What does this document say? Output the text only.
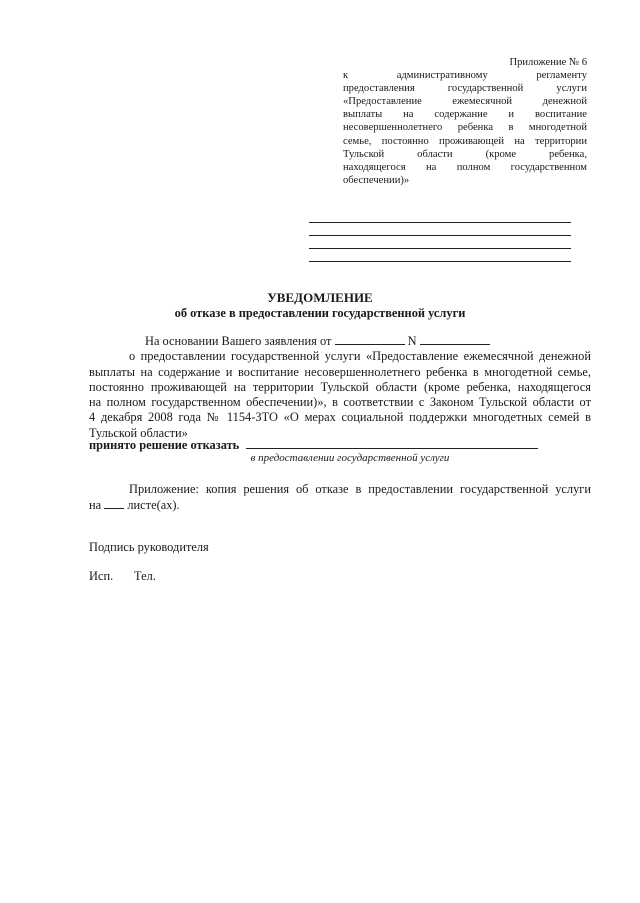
Приложение № 6
к административному регламенту
предоставления государственной услуги
«Предоставление ежемесячной денежной
выплаты на содержание и воспитание
несовершеннолетнего ребенка в многодетной
семье, постоянно проживающей на территории
Тульской области (кроме ребенка,
находящегося на полном государственном
обеспечении)»
УВЕДОМЛЕНИЕ
об отказе в предоставлении государственной услуги
На основании Вашего заявления от	N
о предоставлении государственной услуги «Предоставление ежемесячной денежной
выплаты на содержание и воспитание несовершеннолетнего ребенка в многодетной семье,
постоянно проживающей на территории Тульской области (кроме ребенка, находящегося
на полном государственном обеспечении)», в соответствии с Законом Тульской области от
4 декабря 2008 года № 1154-ЗТО «О мерах социальной поддержки многодетных семей в
Тульской области»
принято решение отказать
в предоставлении государственной услуги
Приложение: копия решения об отказе в предоставлении государственной услуги
на листе(ах).
Подпись руководителя
Исп. Тел.
